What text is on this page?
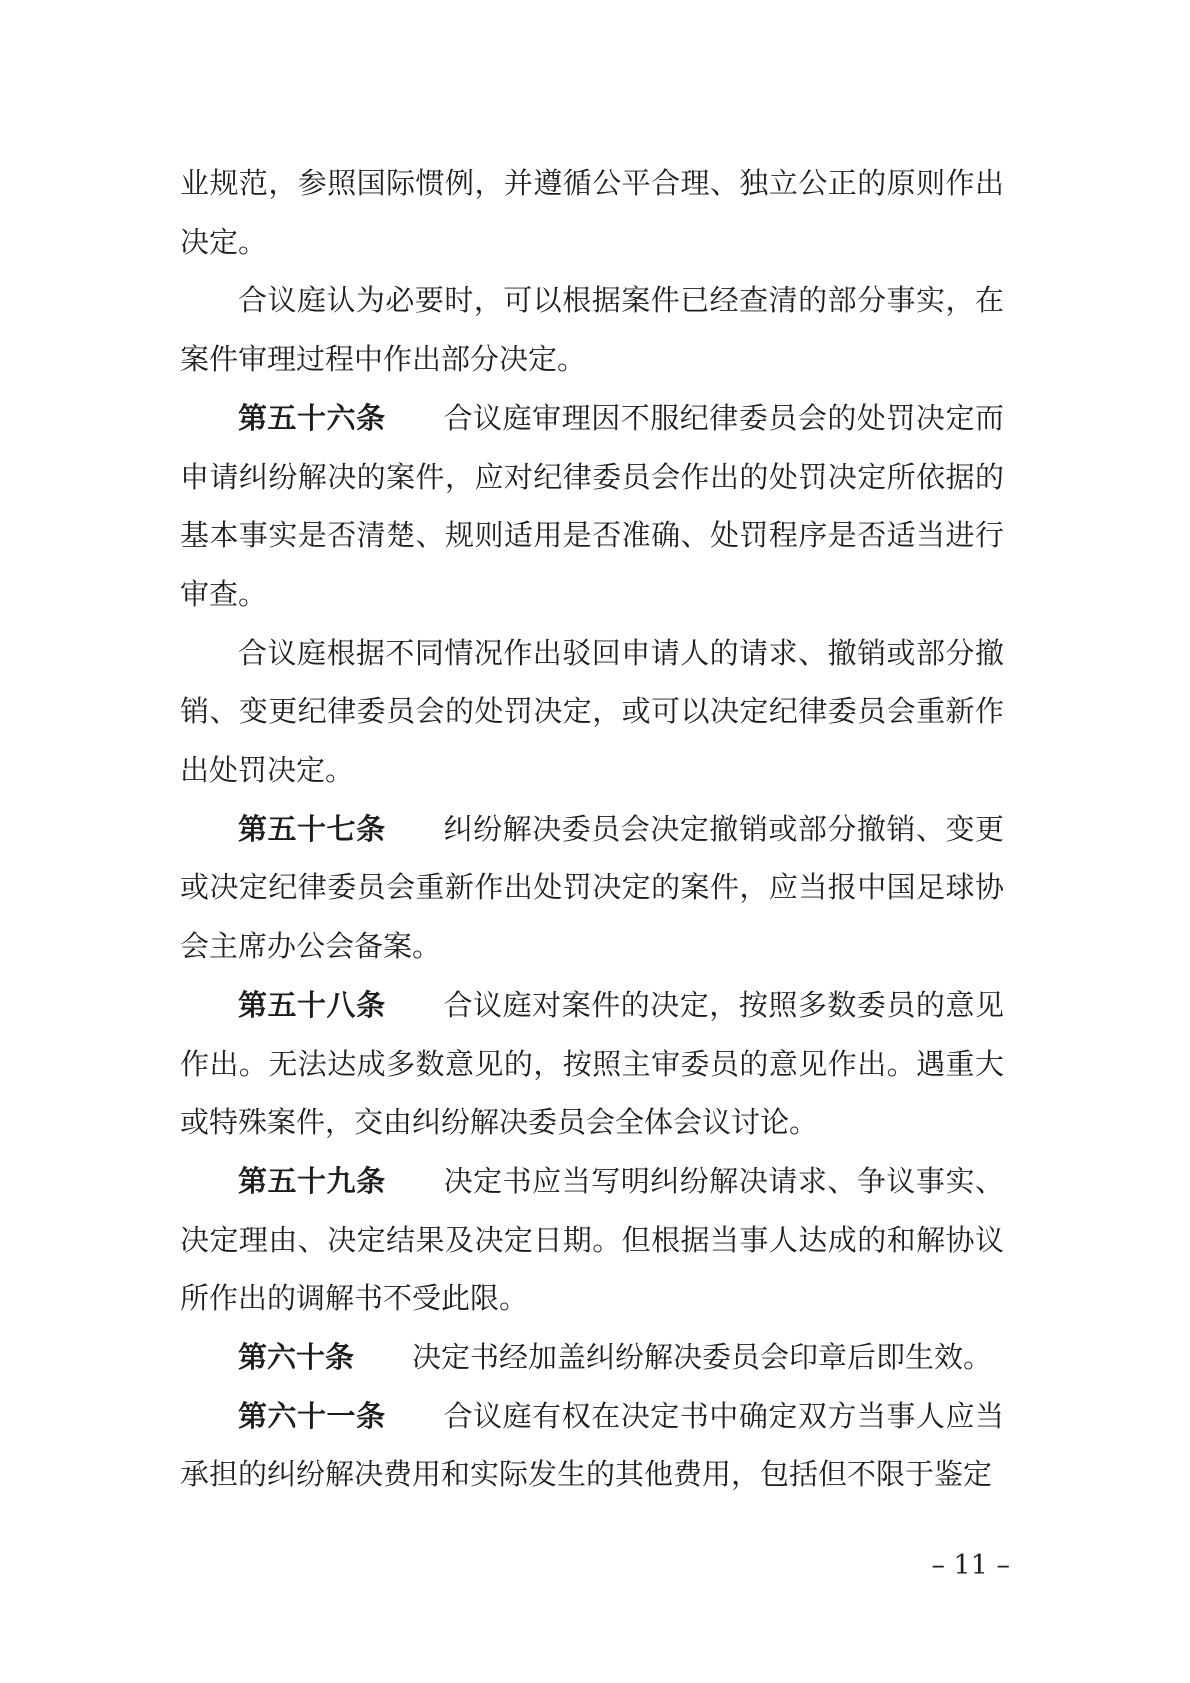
业规范，参照国际惯例，并遵循公平合理、独立公正的原则作出决定。

合议庭认为必要时，可以根据案件已经查清的部分事实，在案件审理过程中作出部分决定。

第五十六条 合议庭审理因不服纪律委员会的处罚决定而申请纠纷解决的案件，应对纪律委员会作出的处罚决定所依据的基本事实是否清楚、规则适用是否准确、处罚程序是否适当进行审查。

合议庭根据不同情况作出驳回申请人的请求、撤销或部分撤销、变更纪律委员会的处罚决定，或可以决定纪律委员会重新作出处罚决定。

第五十七条 纠纷解决委员会决定撤销或部分撤销、变更或决定纪律委员会重新作出处罚决定的案件，应当报中国足球协会主席办公会备案。

第五十八条 合议庭对案件的决定，按照多数委员的意见作出。无法达成多数意见的，按照主审委员的意见作出。遇重大或特殊案件，交由纠纷解决委员会全体会议讨论。

第五十九条 决定书应当写明纠纷解决请求、争议事实、决定理由、决定结果及决定日期。但根据当事人达成的和解协议所作出的调解书不受此限。

第六十条 决定书经加盖纠纷解决委员会印章后即生效。

第六十一条 合议庭有权在决定书中确定双方当事人应当承担的纠纷解决费用和实际发生的其他费用，包括但不限于鉴定

– 11 –
